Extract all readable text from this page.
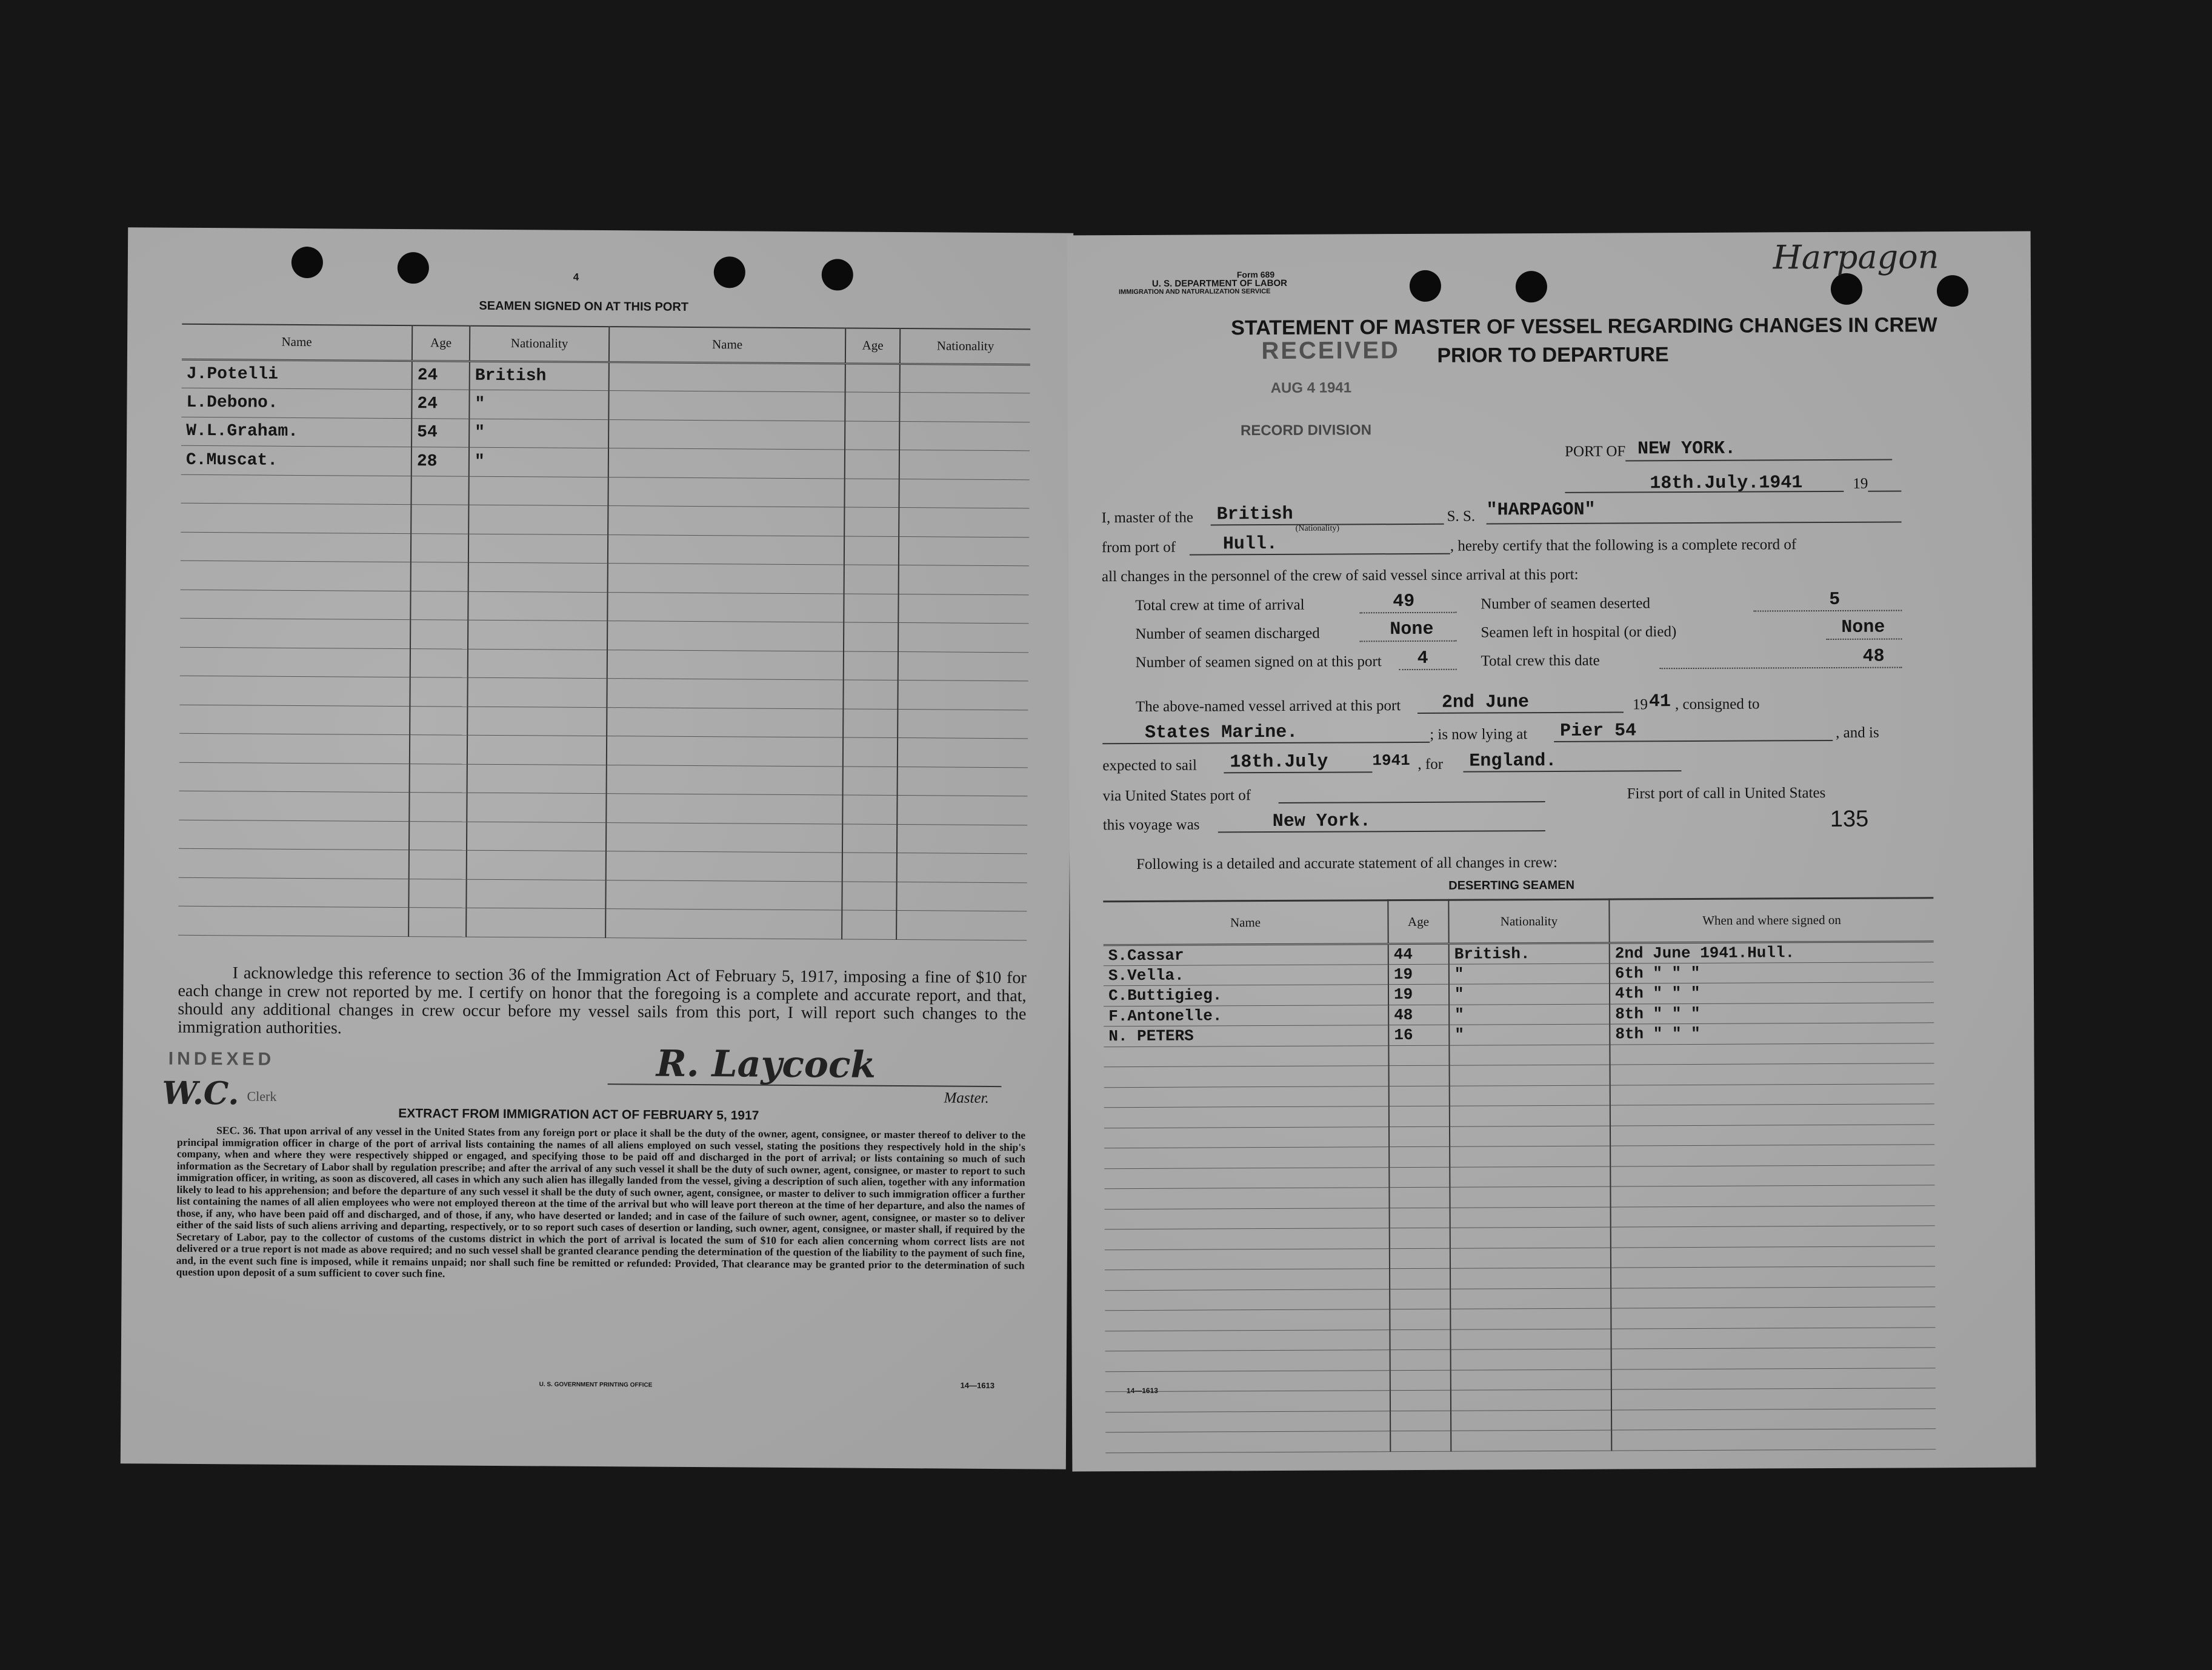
4
SEAMEN SIGNED ON AT THIS PORT
Name	Age	Nationality	Name	Age	Nationality
J.Potelli	24	British			
L.Debono.	24	"			
W.L.Graham.	54	"			
C.Muscat.	28	"			

I acknowledge this reference to section 36 of the Immigration Act of February 5, 1917, imposing a fine of $10 for each change in crew not reported by me. I certify on honor that the foregoing is a complete and accurate report, and that, should any additional changes in crew occur before my vessel sails from this port, I will report such changes to the immigration authorities.
INDEXED
W.C. Clerk
R. Laycock
Master.
EXTRACT FROM IMMIGRATION ACT OF FEBRUARY 5, 1917
SEC. 36. That upon arrival of any vessel in the United States from any foreign port or place it shall be the duty of the owner, agent, consignee, or master thereof to deliver to the principal immigration officer in charge of the port of arrival lists containing the names of all aliens employed on such vessel, stating the positions they respectively hold in the ship's company, when and where they were respectively shipped or engaged, and specifying those to be paid off and discharged in the port of arrival; or lists containing so much of such information as the Secretary of Labor shall by regulation prescribe; and after the arrival of any such vessel it shall be the duty of such owner, agent, consignee, or master to report to such immigration officer, in writing, as soon as discovered, all cases in which any such alien has illegally landed from the vessel, giving a description of such alien, together with any information likely to lead to his apprehension; and before the departure of any such vessel it shall be the duty of such owner, agent, consignee, or master to deliver to such immigration officer a further list containing the names of all alien employees who were not employed thereon at the time of the arrival but who will leave port thereon at the time of her departure, and also the names of those, if any, who have been paid off and discharged, and of those, if any, who have deserted or landed; and in case of the failure of such owner, agent, consignee, or master so to deliver either of the said lists of such aliens arriving and departing, respectively, or to so report such cases of desertion or landing, such owner, agent, consignee, or master shall, if required by the Secretary of Labor, pay to the collector of customs of the customs district in which the port of arrival is located the sum of $10 for each alien concerning whom correct lists are not delivered or a true report is not made as above required; and no such vessel shall be granted clearance pending the determination of the question of the liability to the payment of such fine, and, in the event such fine is imposed, while it remains unpaid; nor shall such fine be remitted or refunded: Provided, That clearance may be granted prior to the determination of such question upon deposit of a sum sufficient to cover such fine.
U. S. GOVERNMENT PRINTING OFFICE	14—1613
Form 689
U. S. DEPARTMENT OF LABOR
IMMIGRATION AND NATURALIZATION SERVICE
Harpagon
STATEMENT OF MASTER OF VESSEL REGARDING CHANGES IN CREW
RECEIVED PRIOR TO DEPARTURE
AUG 4 1941
RECORD DIVISION
PORT OF NEW YORK.
18th.July.1941	19
I, master of the British
(Nationality)
S. S. "HARPAGON"
from port of	Hull.	, hereby certify that the following is a complete record of
all changes in the personnel of the crew of said vessel since arrival at this port:
Total crew at time of arrival	49	Number of seamen deserted	5
Number of seamen discharged	None	Seamen left in hospital (or died)	None
Number of seamen signed on at this port 4	Total crew this date	48
The above-named vessel arrived at this port 2nd June	19 41 , consigned to
States Marine.	; is now lying at Pier 54	, and is
expected to sail 18th.July	1941 , for England.
via United States port of	First port of call in United States
this voyage was	New York.	135
Following is a detailed and accurate statement of all changes in crew:
DESERTING SEAMEN
Name	Age	Nationality	When and where signed on
S.Cassar	44	British.	2nd June 1941.Hull.
S.Vella.	19	"	6th " " "
C.Buttigieg.	19	"	4th " " "
F.Antonelle.	48	"	8th " " "
N. PETERS	16	"	8th " " "

14—1613
